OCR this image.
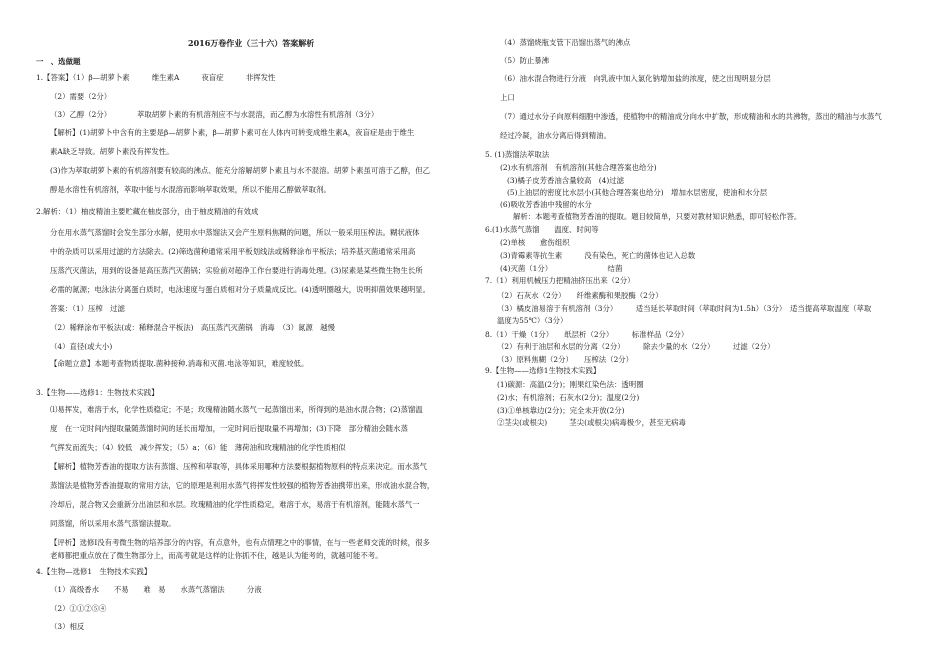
2016万卷作业（三十六）答案解析
一　、选做题
1.【答案】（1）β—胡萝卜素　　　维生素A　　　夜盲症　　　非挥发性
（2）需要（2分）
（3）乙醇（2分）　　　　萃取胡萝卜素的有机溶剂应不与水混溶，而乙醇为水溶性有机溶剂（3分）
【解析】(1)胡萝卜中含有的主要是β—胡萝卜素，β—胡萝卜素可在人体内可转变成维生素A，夜盲症是由于维生
素A缺乏导致。胡萝卜素没有挥发性。
(3)作为萃取胡萝卜素的有机溶剂要有较高的沸点、能充分溶解胡萝卜素且与水不混溶。胡萝卜素虽可溶于乙醇，但乙
醇是水溶性有机溶剂，萃取中能与水混溶而影响萃取效果，所以不能用乙醇做萃取剂。
2.解析：（1）柚皮精油主要贮藏在柚皮部分，由于柚皮精油的有效成
分在用水蒸气蒸馏时会发生部分水解，使用水中蒸馏法又会产生原料焦糊的问题，所以一般采用压榨法。糊状液体
中的杂质可以采用过滤的方法除去。(2)筛选菌种通常采用平板划线法或稀释涂布平板法；培养基灭菌通常采用高
压蒸汽灭菌法，用到的设备是高压蒸汽灭菌锅；实验前对超净工作台要进行消毒处理。(3)尿素是某些微生物生长所
必需的氮源；电泳法分离蛋白质时，电泳速度与蛋白质相对分子质量成反比。(4)透明圈越大，说明抑菌效果越明显。
答案：（1）压榨　过滤
（2）稀释涂布平板法(或：稀释混合平板法)　高压蒸汽灭菌锅　消毒　（3）氮源　越慢
（4）直径(或大小)
【命题立意】本题考查物质提取.菌种接种.消毒和灭菌.电泳等知识，难度较低。
3.【生物——选修1：生物技术实践】
⑴易挥发，难溶于水，化学性质稳定；不是；玫瑰精油随水蒸气一起蒸馏出来，所得到的是油水混合物；(2)蒸馏温
度　在一定时间内提取量随蒸馏时间的延长而增加，一定时间后提取量不再增加；(3)下降　部分精油会随水蒸
气挥发而流失；（4）较低　减少挥发；（5）a；（6）能　薄荷油和玫瑰精油的化学性质相似
【解析】植物芳香油的提取方法有蒸馏、压榨和萃取等，具体采用哪种方法要根据植物原料的特点来决定。而水蒸气
蒸馏法是植物芳香油提取的常用方法，它的原理是利用水蒸气将挥发性较强的植物芳香油携带出来，形成油水混合物，
冷却后，混合物又会重新分出油层和水层。玫瑰精油的化学性质稳定，难溶于水，易溶于有机溶剂，能随水蒸气一
同蒸馏，所以采用水蒸气蒸馏法提取。
【评析】选修Ⅰ没有考微生物的培养部分的内容，有点意外，也有点情理之中的事情，在与一些老师交流的时候，很多
老师都把重点放在了微生物部分上，而高考就是这样的让你抓不住，越是认为能考的，就越可能不考。
4.【生物—选修1　生物技术实践】
（1）高级香水　　不易　　难　易　　水蒸气蒸馏法　　　分液
（2）①①②⑤④
（3）相反
（4）蒸馏烧瓶支管下沿馏出蒸气的沸点
（5）防止暴沸
（6）油水混合物进行分液　向乳液中加入氯化钠增加盐的浓度，使之出现明显分层
上口
（7）通过水分子向原料细胞中渗透，使植物中的精油成分向水中扩散，形成精油和水的共沸物，蒸出的精油与水蒸气
经过冷凝，油水分离后得到精油。
5. (1)蒸馏法萃取法
(2)水有机溶剂　有机溶剂(其他合理答案也给分)
(3)橘子皮芳香油含量较高　(4)过滤
(5)上油层的密度比水层小(其他合理答案也给分)　增加水层密度，使油和水分层
(6)吸收芳香油中残留的水分
解析：本题考查植物芳香油的提取。题目较简单，只要对教材知识熟悉，即可轻松作答。
6.(1)水蒸气蒸馏　　温度、时间等
(2)单核　　愈伤组织
(3)青霉素等抗生素　　　没有染色，死亡的菌体也记入总数
(4)灭菌（1分）　　　　　　　　结菌
7.（1）利用机械压力把精油挤压出来（2分）
（2）石灰水（2分）　　纤维素酶和果胶酶（2分）
（3）橘皮油易溶于有机溶剂（3分）　　　适当延长萃取时间（萃取时间为1.5h）（3分）　适当提高萃取温度（萃取
温度为55℃）（3分）
8.（1）干燥（1分）　　纸层析（2分）　　　标准样品（2分）
（2）有利于油层和水层的分离（2分）　　　除去少量的水（2分）　　　过滤（2分）
（3）原料焦糊（2分）　　压榨法（2分）
9.【生物——选修1生物技术实践】
(1)碳源：高温(2分)；刚果红染色法：透明圈
(2)水；有机溶剂；石灰水(2分)；温度(2分)
(3)①单核靠边(2分)；完全未开放(2分)
②茎尖(或根尖)　　　茎尖(或根尖)病毒极少，甚至无病毒
